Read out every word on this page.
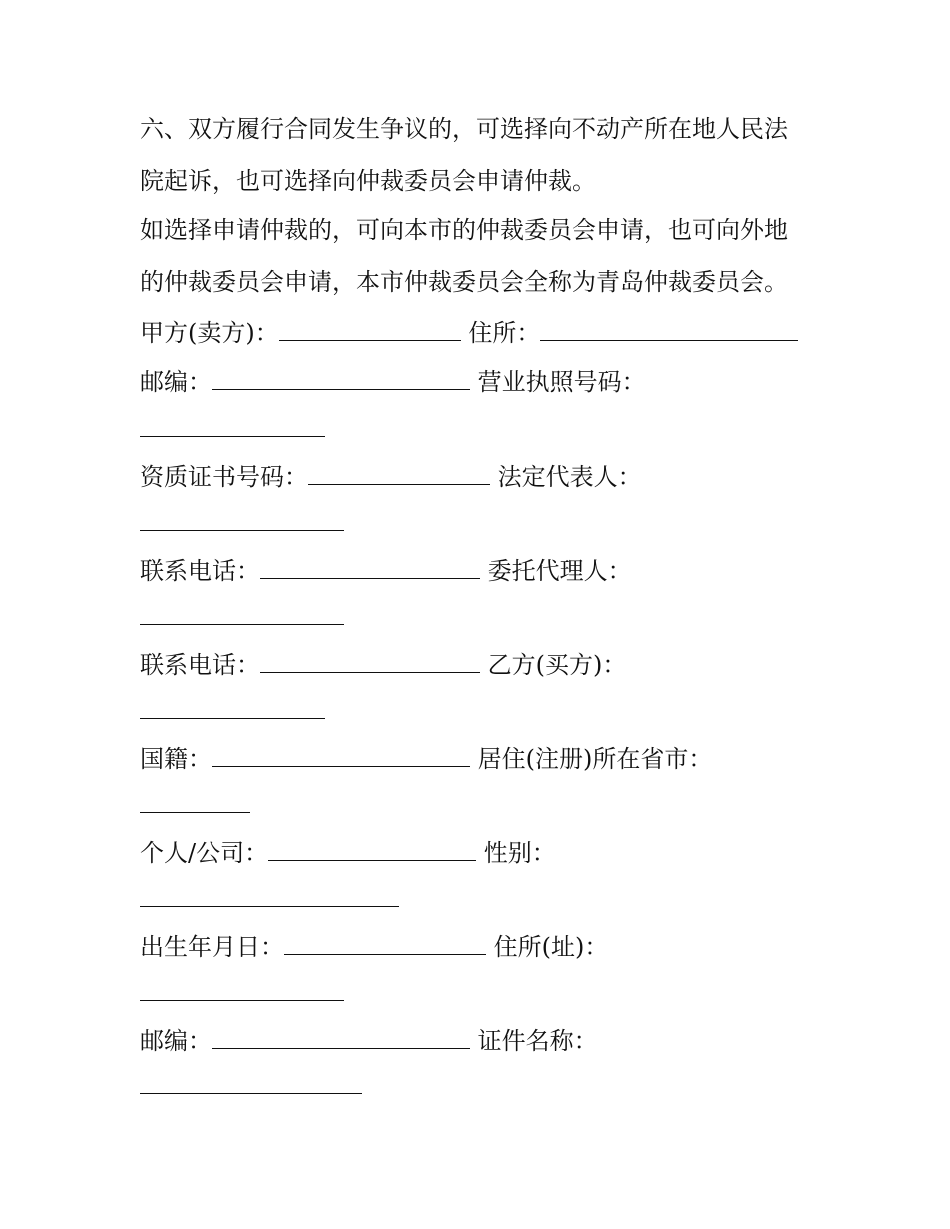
六、双方履行合同发生争议的，可选择向不动产所在地人民法
院起诉，也可选择向仲裁委员会申请仲裁。
如选择申请仲裁的，可向本市的仲裁委员会申请，也可向外地
的仲裁委员会申请，本市仲裁委员会全称为青岛仲裁委员会。
甲方(卖方)：	住所：
邮编：	营业执照号码：
资质证书号码：	法定代表人：
联系电话：	委托代理人：
联系电话：	乙方(买方)：
国籍：	居住(注册)所在省市：
个人/公司：	性别：
出生年月日：	住所(址)：
邮编：	证件名称：
